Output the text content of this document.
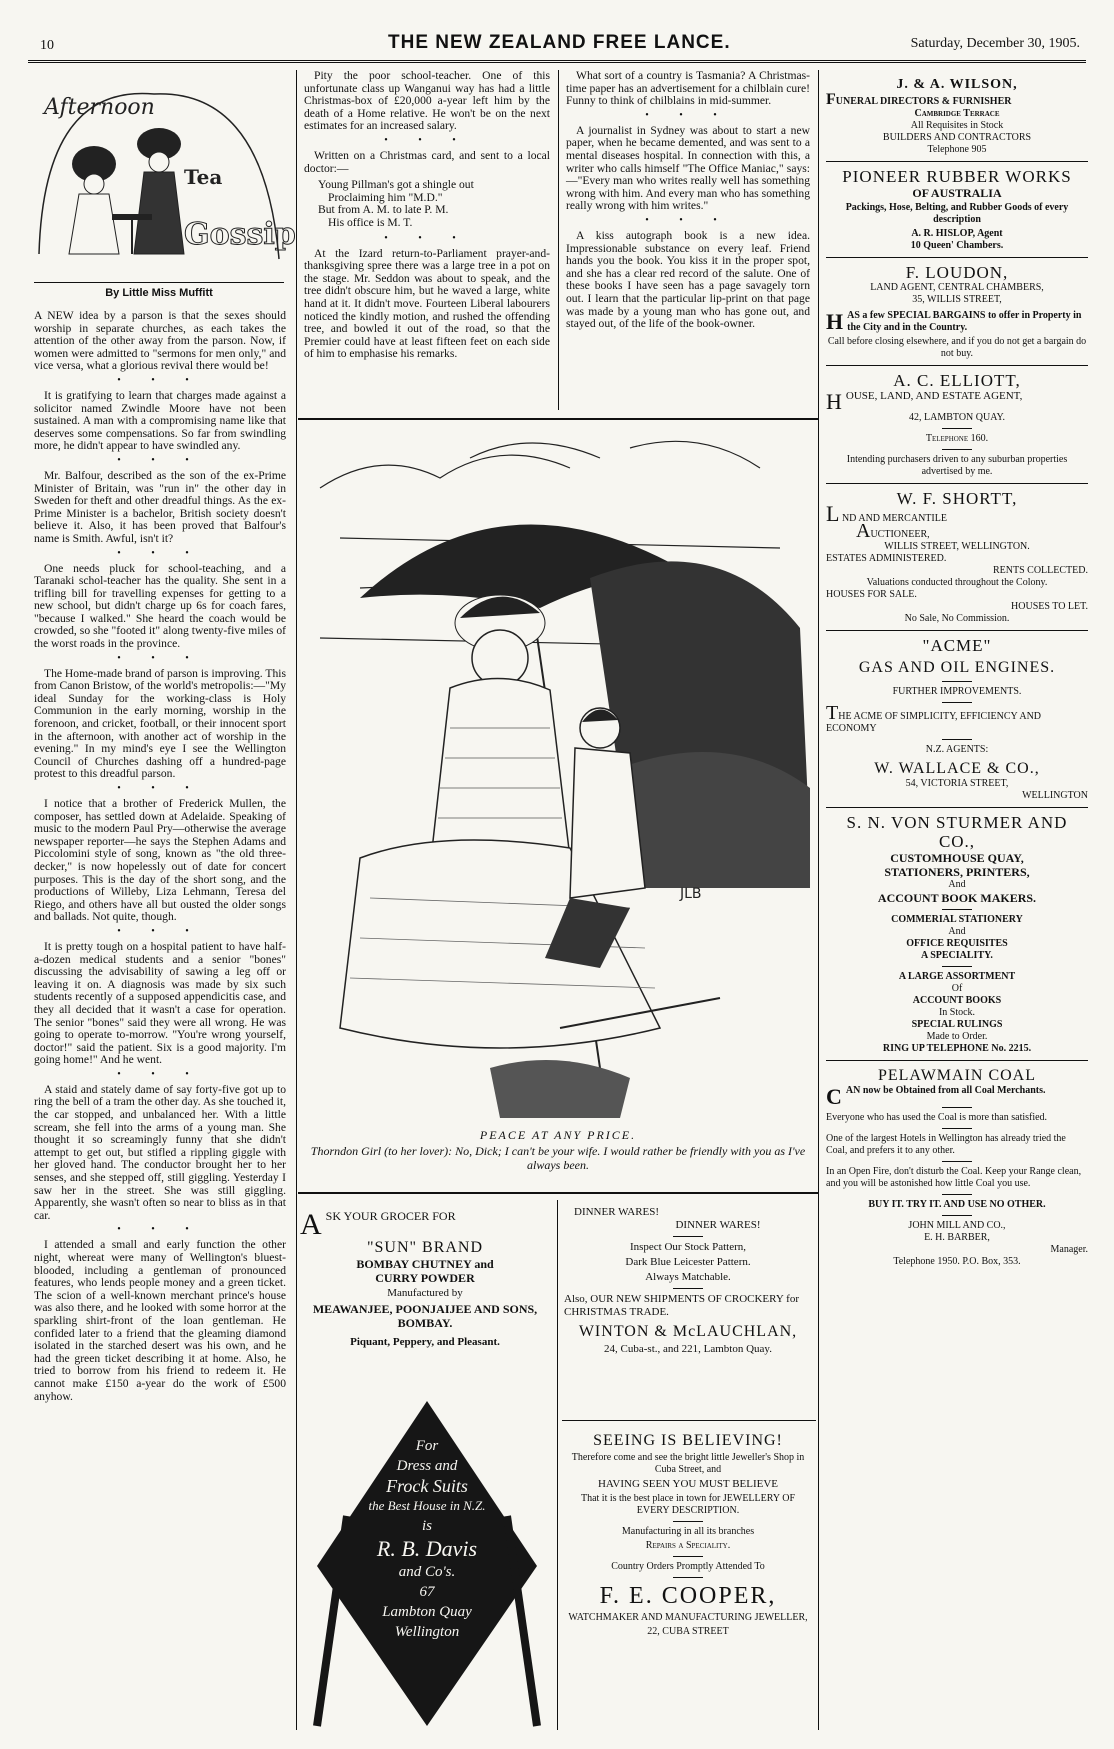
10	THE NEW ZEALAND FREE LANCE.	Saturday, December 30, 1905.
Afternoon
Tea
Gossip
By Little Miss Muffitt

A NEW idea by a parson is that the sexes should worship in separate churches, as each takes the attention of the other away from the parson. Now, if women were admitted to "sermons for men only," and vice versa, what a glorious revival there would be!

• • •

It is gratifying to learn that charges made against a solicitor named Zwindle Moore have not been sustained. A man with a compromising name like that deserves some compensations. So far from swindling more, he didn't appear to have swindled any.

• • •

Mr. Balfour, described as the son of the ex-Prime Minister of Britain, was "run in" the other day in Sweden for theft and other dreadful things. As the ex-Prime Minister is a bachelor, British society doesn't believe it. Also, it has been proved that Balfour's name is Smith. Awful, isn't it?

• • •

One needs pluck for school-teaching, and a Taranaki schol-teacher has the quality. She sent in a trifling bill for travelling expenses for getting to a new school, but didn't charge up 6s for coach fares, "because I walked." She heard the coach would be crowded, so she "footed it" along twenty-five miles of the worst roads in the province.

• • •

The Home-made brand of parson is improving. This from Canon Bristow, of the world's metropolis:—"My ideal Sunday for the working-class is Holy Communion in the early morning, worship in the forenoon, and cricket, football, or their innocent sport in the afternoon, with another act of worship in the evening." In my mind's eye I see the Wellington Council of Churches dashing off a hundred-page protest to this dreadful parson.

• • •

I notice that a brother of Frederick Mullen, the composer, has settled down at Adelaide. Speaking of music to the modern Paul Pry—otherwise the average newspaper reporter—he says the Stephen Adams and Piccolomini style of song, known as "the old three-decker," is now hopelessly out of date for concert purposes. This is the day of the short song, and the productions of Willeby, Liza Lehmann, Teresa del Riego, and others have all but ousted the older songs and ballads. Not quite, though.

• • •

It is pretty tough on a hospital patient to have half-a-dozen medical students and a senior "bones" discussing the advisability of sawing a leg off or leaving it on. A diagnosis was made by six such students recently of a supposed appendicitis case, and they all decided that it wasn't a case for operation. The senior "bones" said they were all wrong. He was going to operate to-morrow. "You're wrong yourself, doctor!" said the patient. Six is a good majority. I'm going home!" And he went.

• • •

A staid and stately dame of say forty-five got up to ring the bell of a tram the other day. As she touched it, the car stopped, and unbalanced her. With a little scream, she fell into the arms of a young man. She thought it so screamingly funny that she didn't attempt to get out, but stifled a rippling giggle with her gloved hand. The conductor brought her to her senses, and she stepped off, still giggling. Yesterday I saw her in the street. She was still giggling. Apparently, she wasn't often so near to bliss as in that car.

• • •

I attended a small and early function the other night, whereat were many of Wellington's bluest-blooded, including a gentleman of pronounced features, who lends people money and a green ticket. The scion of a well-known merchant prince's house was also there, and he looked with some horror at the sparkling shirt-front of the loan gentleman. He confided later to a friend that the gleaming diamond isolated in the starched desert was his own, and he had the green ticket describing it at home. Also, he tried to borrow from his friend to redeem it. He cannot make £150 a-year do the work of £500 anyhow.

Pity the poor school-teacher. One of this unfortunate class up Wanganui way has had a little Christmas-box of £20,000 a-year left him by the death of a Home relative. He won't be on the next estimates for an increased salary.

• • •

Written on a Christmas card, and sent to a local doctor:—

Young Pillman's got a shingle out
Proclaiming him "M.D."
But from A. M. to late P. M.
His office is M. T.
• • •

At the Izard return-to-Parliament prayer-and-thanksgiving spree there was a large tree in a pot on the stage. Mr. Seddon was about to speak, and the tree didn't obscure him, but he waved a large, white hand at it. It didn't move. Fourteen Liberal labourers noticed the kindly motion, and rushed the offending tree, and bowled it out of the road, so that the Premier could have at least fifteen feet on each side of him to emphasise his remarks.

What sort of a country is Tasmania? A Christmas-time paper has an advertisement for a chilblain cure! Funny to think of chilblains in mid-summer.

• • •

A journalist in Sydney was about to start a new paper, when he became demented, and was sent to a mental diseases hospital. In connection with this, a writer who calls himself "The Office Maniac," says:—"Every man who writes really well has something wrong with him. And every man who has something really wrong with him writes."

• • •

A kiss autograph book is a new idea. Impressionable substance on every leaf. Friend hands you the book. You kiss it in the proper spot, and she has a clear red record of the salute. One of these books I have seen has a page savagely torn out. I learn that the particular lip-print on that page was made by a young man who has gone out, and stayed out, of the life of the book-owner.

JLB
PEACE AT ANY PRICE.
Thorndon Girl (to her lover): No, Dick; I can't be your wife. I would rather be friendly with you as I've always been.
A SK YOUR GROCER FOR
"SUN" BRAND
BOMBAY CHUTNEY and
CURRY POWDER

Manufactured by

MEAWANJEE, POONJAIJEE AND SONS, BOMBAY.

Piquant, Peppery, and Pleasant.

For
Dress and
Frock Suits
the Best House in N.Z.
is
R. B. Davis
and Co's.
67
Lambton Quay
Wellington
DINNER WARES!
DINNER WARES!

Inspect Our Stock Pattern,

Dark Blue Leicester Pattern.

Always Matchable.

Also, OUR NEW SHIPMENTS OF CROCKERY for CHRISTMAS TRADE.

WINTON & McLAUCHLAN,

24, Cuba-st., and 221, Lambton Quay.

SEEING IS BELIEVING!

Therefore come and see the bright little Jeweller's Shop in Cuba Street, and

HAVING SEEN YOU MUST BELIEVE

That it is the best place in town for JEWELLERY OF EVERY DESCRIPTION.

Manufacturing in all its branches

Repairs a Speciality.

Country Orders Promptly Attended To

F. E. COOPER,

WATCHMAKER AND MANUFACTURING JEWELLER,

22, CUBA STREET

J. & A. WILSON,
FUNERAL DIRECTORS & FURNISHER
Cambridge Terrace
All Requisites in Stock
BUILDERS AND CONTRACTORS
Telephone 905
PIONEER RUBBER WORKS
OF AUSTRALIA

Packings, Hose, Belting, and Rubber Goods of every description

A. R. HISLOP, Agent
10 Queen' Chambers.
F. LOUDON,
LAND AGENT, CENTRAL CHAMBERS,
35, WILLIS STREET,
HAS a few SPECIAL BARGAINS to offer in Property in the City and in the Country.

Call before closing elsewhere, and if you do not get a bargain do not buy.

A. C. ELLIOTT,
HOUSE, LAND, AND ESTATE AGENT,

42, LAMBTON QUAY.

Telephone 160.

Intending purchasers driven to any suburban properties advertised by me.

W. F. SHORTT,
L ND AND MERCANTILE
AUCTIONEER,
WILLIS STREET, WELLINGTON.
ESTATES ADMINISTERED.
RENTS COLLECTED.
Valuations conducted throughout the Colony.
HOUSES FOR SALE.
HOUSES TO LET.
No Sale, No Commission.
"ACME"
GAS AND OIL ENGINES.

FURTHER IMPROVEMENTS.

THE ACME OF SIMPLICITY, EFFICIENCY AND ECONOMY
N.Z. AGENTS:
W. WALLACE & CO.,
54, VICTORIA STREET,
WELLINGTON
S. N. VON STURMER AND CO.,
CUSTOMHOUSE QUAY,
STATIONERS, PRINTERS,
And
ACCOUNT BOOK MAKERS.
COMMERIAL STATIONERY
And
OFFICE REQUISITES
A SPECIALITY.
A LARGE ASSORTMENT
Of
ACCOUNT BOOKS
In Stock.
SPECIAL RULINGS
Made to Order.
RING UP TELEPHONE No. 2215.
PELAWMAIN COAL
CAN now be Obtained from all Coal Merchants.

Everyone who has used the Coal is more than satisfied.

One of the largest Hotels in Wellington has already tried the Coal, and prefers it to any other.

In an Open Fire, don't disturb the Coal. Keep your Range clean, and you will be astonished how little Coal you use.

BUY IT. TRY IT. AND USE NO OTHER.
JOHN MILL AND CO.,
E. H. BARBER,
Manager.
Telephone 1950. P.O. Box, 353.
